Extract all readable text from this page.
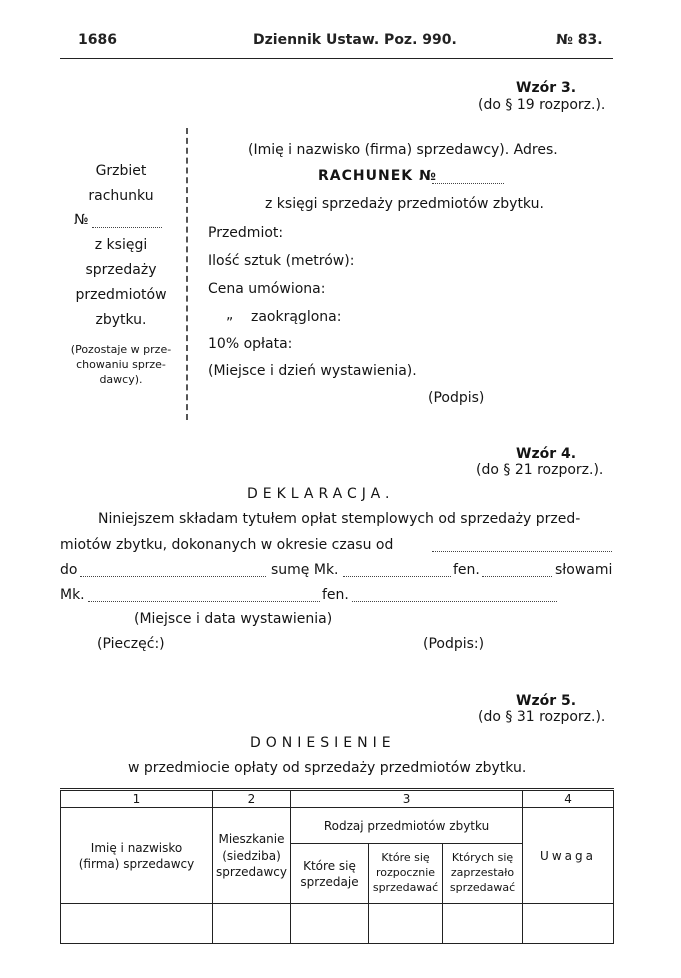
1686	Dziennik Ustaw. Poz. 990.	№ 83.
Wzór 3.
(do § 19 rozporz.).
Grzbiet
rachunku
№
z księgi
sprzedaży
przedmiotów
zbytku.
(Pozostaje w prze-
chowaniu sprze-
dawcy).
(Imię i nazwisko (firma) sprzedawcy). Adres.
RACHUNEK №
z księgi sprzedaży przedmiotów zbytku.
Przedmiot:
Ilość sztuk (metrów):
Cena umówiona:
„ zaokrąglona:
10% opłata:
(Miejsce i dzień wystawienia).
(Podpis)
Wzór 4.
(do § 21 rozporz.).
DEKLARACJA.
Niniejszem składam tytułem opłat stemplowych od sprzedaży przed-
miotów zbytku, dokonanych w okresie czasu od
do	sumę Mk.	fen.	słowami
Mk.	fen.
(Miejsce i data wystawienia)
(Pieczęć:)	(Podpis:)
Wzór 5.
(do § 31 rozporz.).
DONIESIENIE
w przedmiocie opłaty od sprzedaży przedmiotów zbytku.
1	2	3			4
Imię i nazwisko (firma) sprzedawcy	Mieszkanie (siedziba) sprzedawcy	Rodzaj przedmiotów zbytku			Uwaga
		Które się sprzedaje	Które się rozpocznie sprzedawać	Których się zaprzestało sprzedawać	
